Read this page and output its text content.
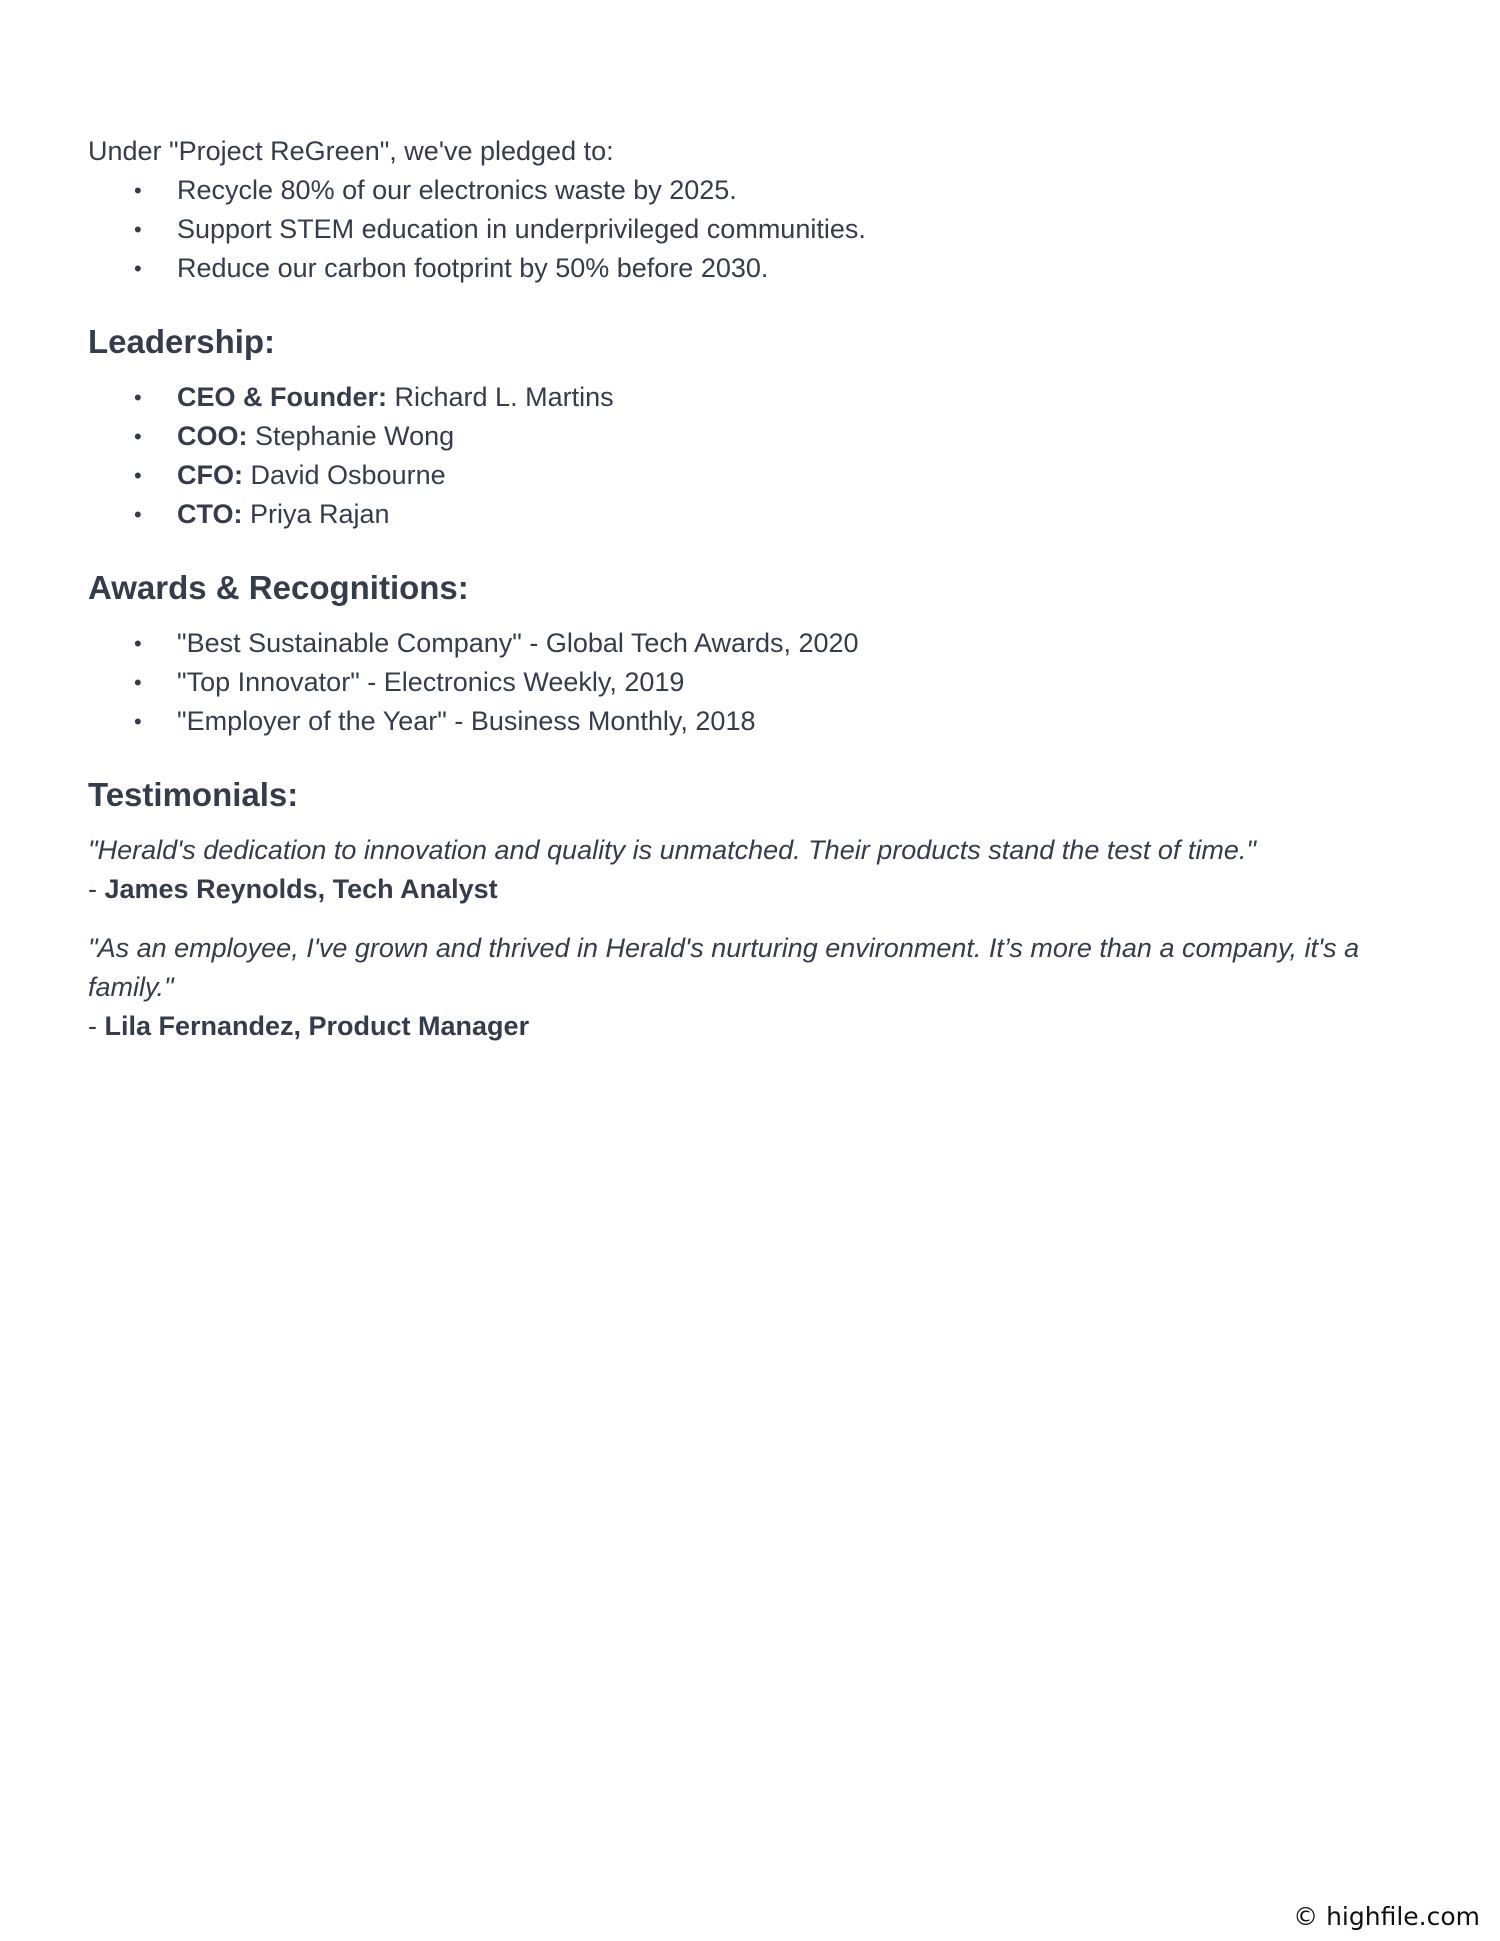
Under "Project ReGreen", we've pledged to:

• Recycle 80% of our electronics waste by 2025.
• Support STEM education in underprivileged communities.
• Reduce our carbon footprint by 50% before 2030.
Leadership:
• CEO & Founder: Richard L. Martins
• COO: Stephanie Wong
• CFO: David Osbourne
• CTO: Priya Rajan
Awards & Recognitions:
• "Best Sustainable Company" - Global Tech Awards, 2020
• "Top Innovator" - Electronics Weekly, 2019
• "Employer of the Year" - Business Monthly, 2018
Testimonials:

"Herald's dedication to innovation and quality is unmatched. Their products stand the test of time."

- James Reynolds, Tech Analyst

"As an employee, I've grown and thrived in Herald's nurturing environment. It’s more than a company, it's a family."

- Lila Fernandez, Product Manager

© highfile.com
